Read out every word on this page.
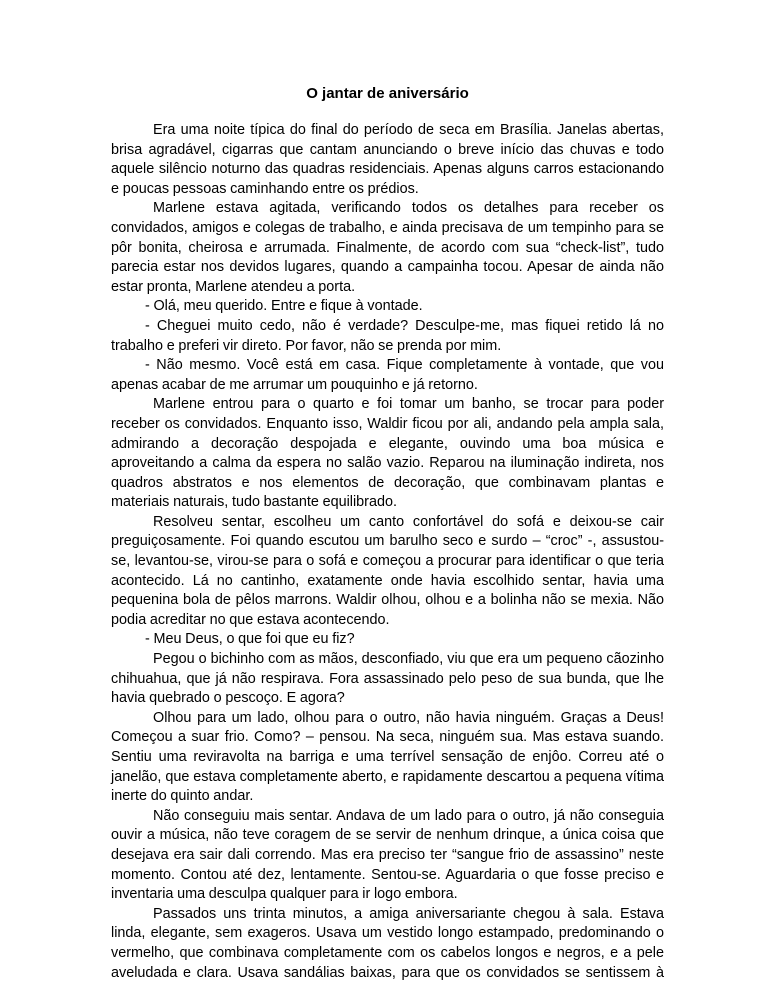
O jantar de aniversário

Era uma noite típica do final do período de seca em Brasília. Janelas abertas, brisa agradável, cigarras que cantam anunciando o breve início das chuvas e todo aquele silêncio noturno das quadras residenciais. Apenas alguns carros estacionando e poucas pessoas caminhando entre os prédios.

Marlene estava agitada, verificando todos os detalhes para receber os convidados, amigos e colegas de trabalho, e ainda precisava de um tempinho para se pôr bonita, cheirosa e arrumada. Finalmente, de acordo com sua “check-list”, tudo parecia estar nos devidos lugares, quando a campainha tocou. Apesar de ainda não estar pronta, Marlene atendeu a porta.

- Olá, meu querido. Entre e fique à vontade.

- Cheguei muito cedo, não é verdade? Desculpe-me, mas fiquei retido lá no trabalho e preferi vir direto. Por favor, não se prenda por mim.

- Não mesmo. Você está em casa. Fique completamente à vontade, que vou apenas acabar de me arrumar um pouquinho e já retorno.

Marlene entrou para o quarto e foi tomar um banho, se trocar para poder receber os convidados. Enquanto isso, Waldir ficou por ali, andando pela ampla sala, admirando a decoração despojada e elegante, ouvindo uma boa música e aproveitando a calma da espera no salão vazio. Reparou na iluminação indireta, nos quadros abstratos e nos elementos de decoração, que combinavam plantas e materiais naturais, tudo bastante equilibrado.

Resolveu sentar, escolheu um canto confortável do sofá e deixou-se cair preguiçosamente. Foi quando escutou um barulho seco e surdo – “croc” -, assustou-se, levantou-se, virou-se para o sofá e começou a procurar para identificar o que teria acontecido. Lá no cantinho, exatamente onde havia escolhido sentar, havia uma pequenina bola de pêlos marrons. Waldir olhou, olhou e a bolinha não se mexia. Não podia acreditar no que estava acontecendo.

- Meu Deus, o que foi que eu fiz?

Pegou o bichinho com as mãos, desconfiado, viu que era um pequeno cãozinho chihuahua, que já não respirava. Fora assassinado pelo peso de sua bunda, que lhe havia quebrado o pescoço. E agora?

Olhou para um lado, olhou para o outro, não havia ninguém. Graças a Deus! Começou a suar frio. Como? – pensou. Na seca, ninguém sua. Mas estava suando. Sentiu uma reviravolta na barriga e uma terrível sensação de enjôo. Correu até o janelão, que estava completamente aberto, e rapidamente descartou a pequena vítima inerte do quinto andar.

Não conseguiu mais sentar. Andava de um lado para o outro, já não conseguia ouvir a música, não teve coragem de se servir de nenhum drinque, a única coisa que desejava era sair dali correndo. Mas era preciso ter “sangue frio de assassino” neste momento. Contou até dez, lentamente. Sentou-se. Aguardaria o que fosse preciso e inventaria uma desculpa qualquer para ir logo embora.

Passados uns trinta minutos, a amiga aniversariante chegou à sala. Estava linda, elegante, sem exageros. Usava um vestido longo estampado, predominando o vermelho, que combinava completamente com os cabelos longos e negros, e a pele aveludada e clara. Usava sandálias baixas, para que os convidados se sentissem à
